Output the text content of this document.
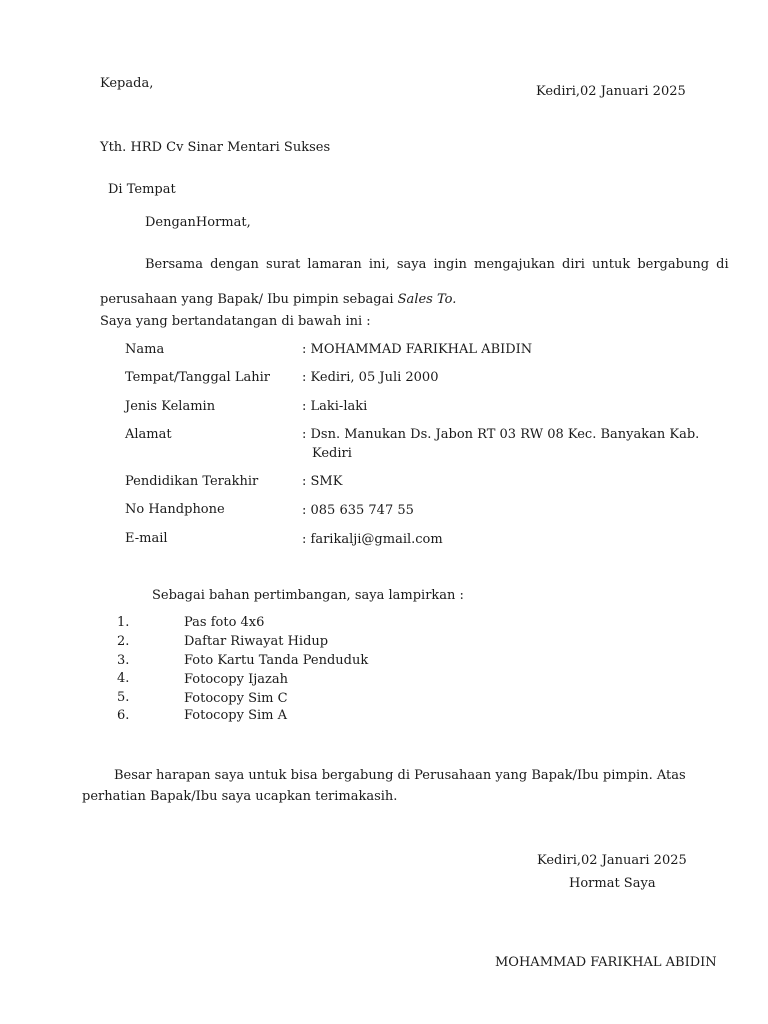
Kepada,
Kediri,02 Januari 2025
Yth. HRD Cv Sinar Mentari Sukses
Di Tempat
DenganHormat,
Bersama dengan surat lamaran ini, saya ingin mengajukan diri untuk bergabung di
perusahaan yang Bapak/ Ibu pimpin sebagai Sales To.
Saya yang bertandatangan di bawah ini :
Nama	: MOHAMMAD FARIKHAL ABIDIN
Tempat/Tanggal Lahir : Kediri, 05 Juli 2000
Jenis Kelamin	: Laki-laki
Alamat	: Dsn. Manukan Ds. Jabon RT 03 RW 08 Kec. Banyakan Kab.
Kediri
Pendidikan Terakhir	: SMK
No Handphone	: 085 635 747 55
E-mail	: farikalji@gmail.com
Sebagai bahan pertimbangan, saya lampirkan :
1.	Pas foto 4x6
2.	Daftar Riwayat Hidup
3.	Foto Kartu Tanda Penduduk
4.	Fotocopy Ijazah
5.	Fotocopy Sim C
6.	Fotocopy Sim A
Besar harapan saya untuk bisa bergabung di Perusahaan yang Bapak/Ibu pimpin. Atas
perhatian Bapak/Ibu saya ucapkan terimakasih.
Kediri,02 Januari 2025
Hormat Saya
MOHAMMAD FARIKHAL ABIDIN
